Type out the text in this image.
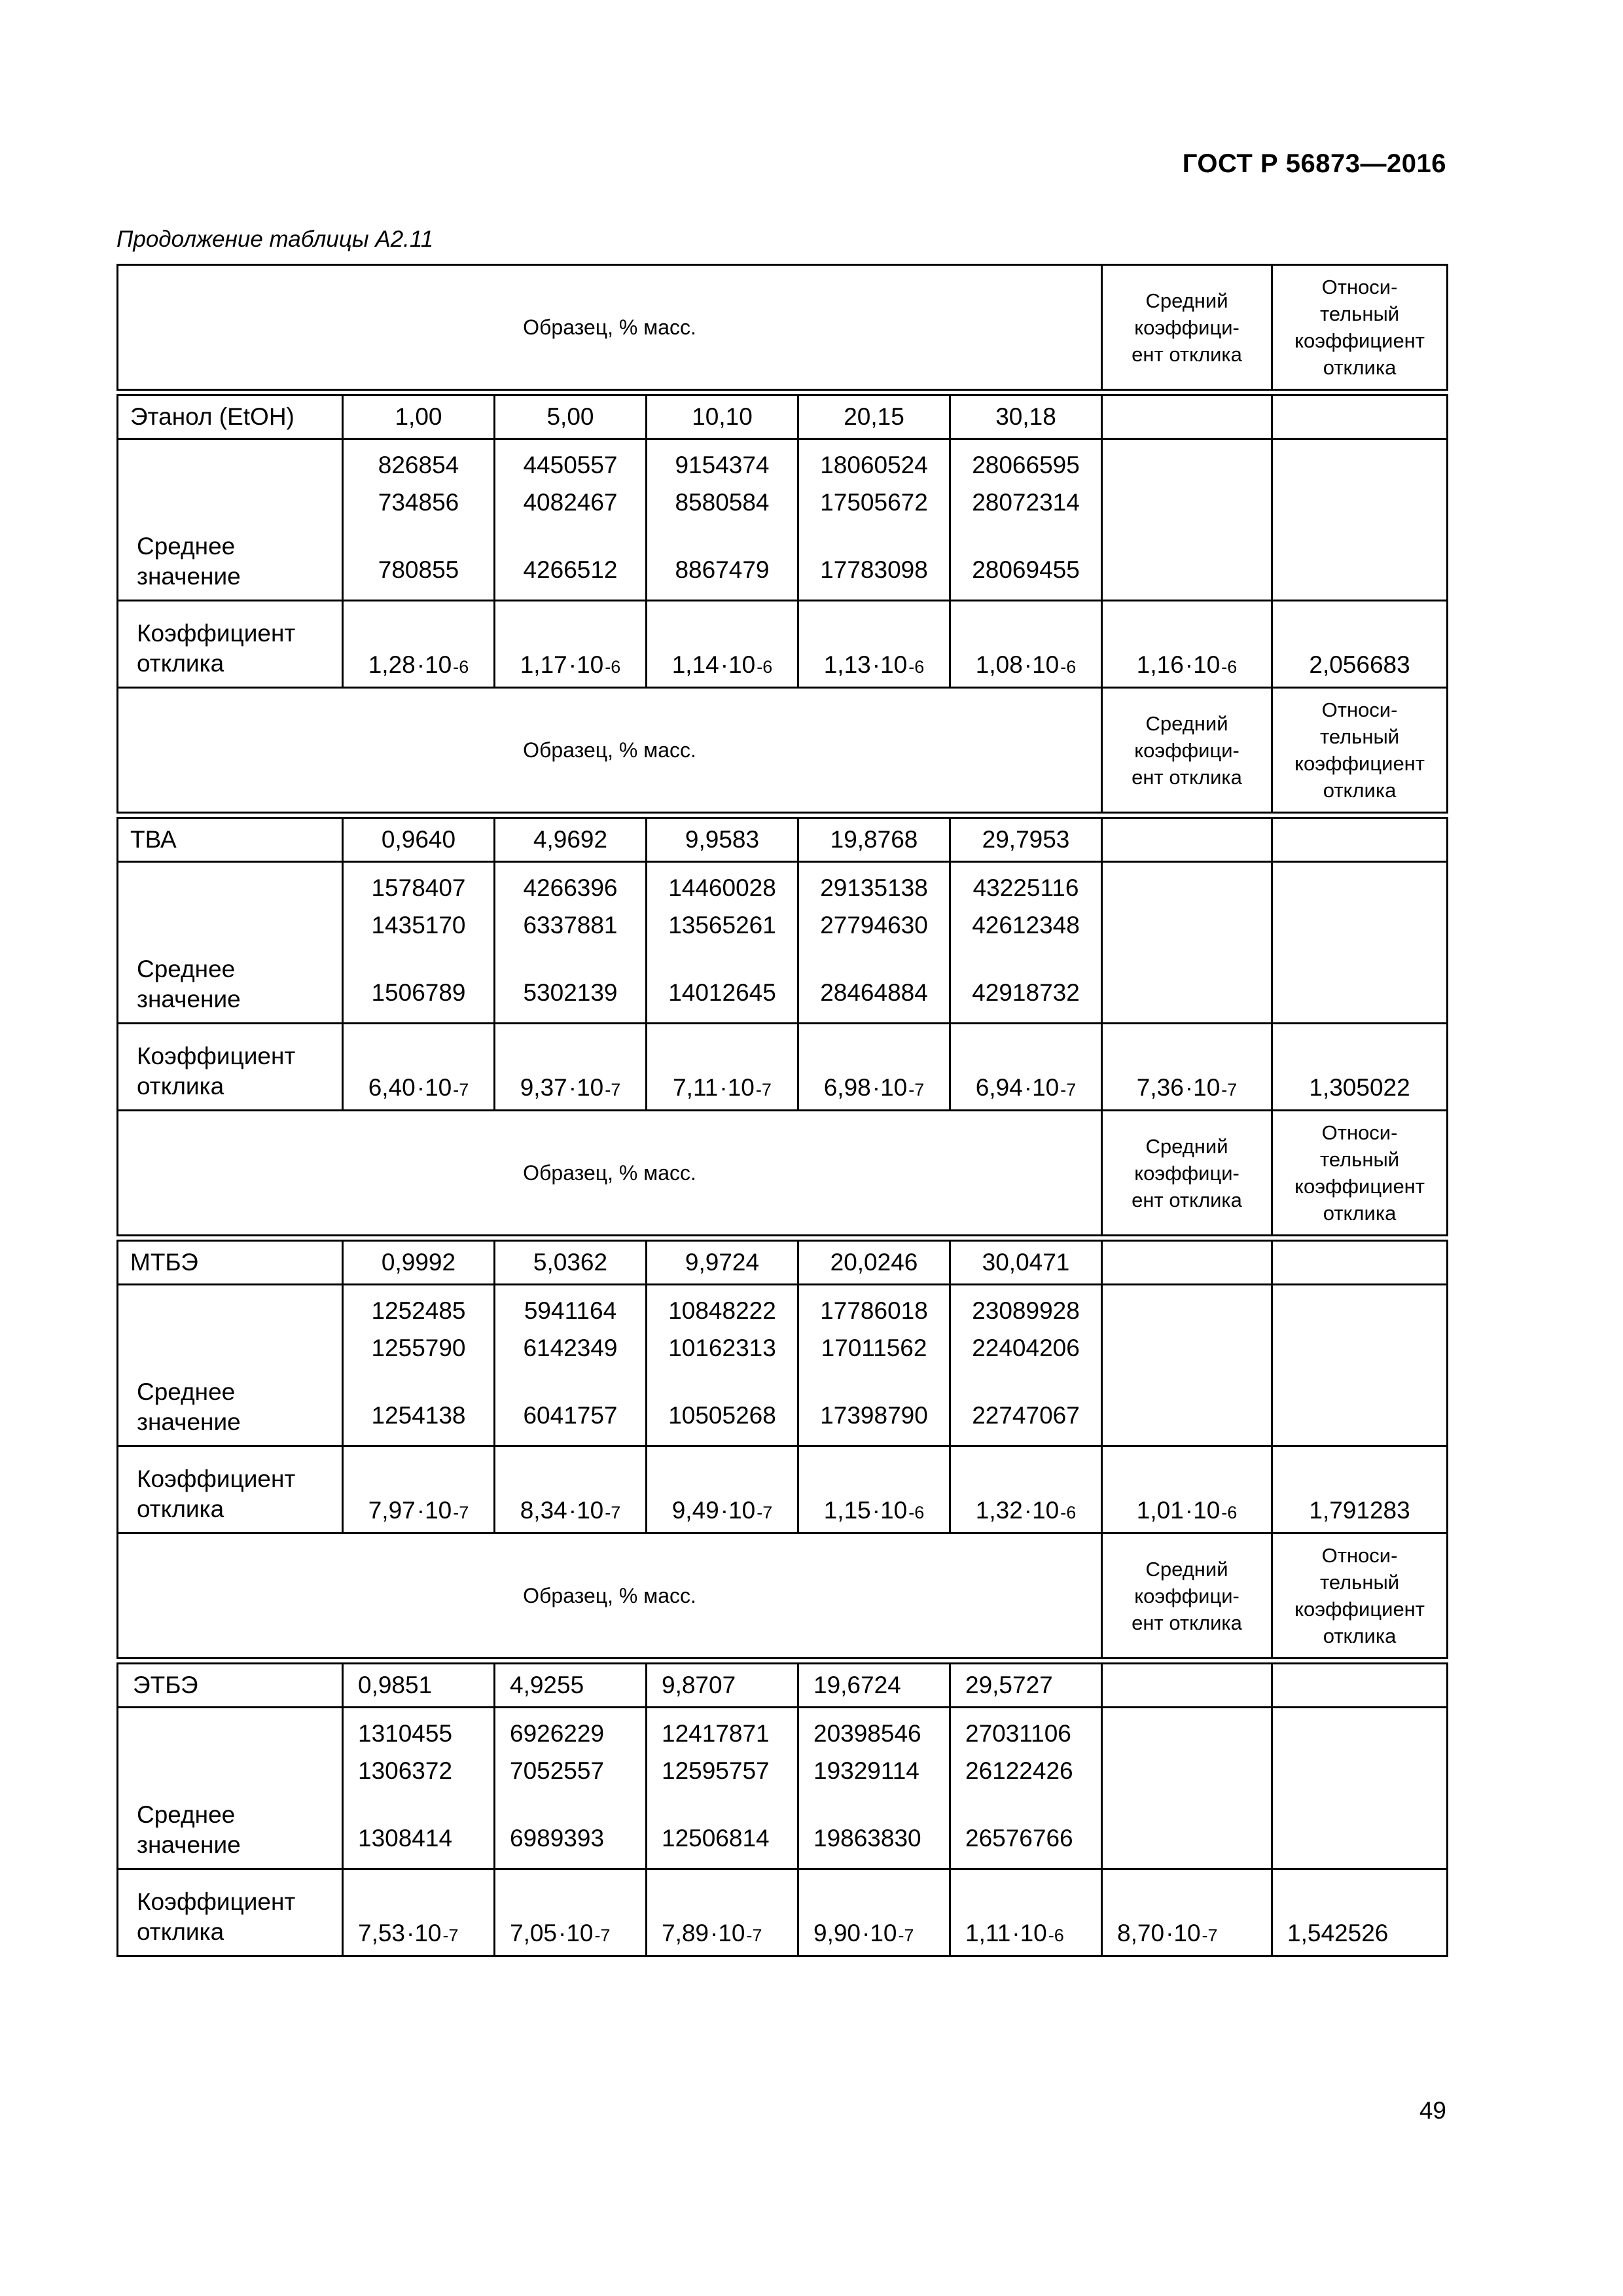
ГОСТ Р 56873—2016
Продолжение таблицы А2.11
Образец, % масс.						Средний
коэффици-
ент отклика	Относи-
тельный
коэффициент
отклика

Этанол (EtOH)	1,00	5,00	10,10	20,15	30,18		

Среднее
значение	826854
734856
780855	4450557
4082467
4266512	9154374
8580584
8867479	18060524
17505672
17783098	28066595
28072314
28069455		

Коэффициент
отклика	1,28 ·10 -6	1,17 ·10 -6	1,14 ·10 -6	1,13 ·10 -6	1,08 ·10 -6	1,16 ·10 -6	2,056683
Образец, % масс.						Средний
коэффици-
ент отклика	Относи-
тельный
коэффициент
отклика

ТВА	0,9640	4,9692	9,9583	19,8768	29,7953		

Среднее
значение	1578407
1435170
1506789	4266396
6337881
5302139	14460028
13565261
14012645	29135138
27794630
28464884	43225116
42612348
42918732		

Коэффициент
отклика	6,40 ·10 -7	9,37 ·10 -7	7,11 ·10 -7	6,98 ·10 -7	6,94 ·10 -7	7,36 ·10 -7	1,305022
Образец, % масс.						Средний
коэффици-
ент отклика	Относи-
тельный
коэффициент
отклика

МТБЭ	0,9992	5,0362	9,9724	20,0246	30,0471		

Среднее
значение	1252485
1255790
1254138	5941164
6142349
6041757	10848222
10162313
10505268	17786018
17011562
17398790	23089928
22404206
22747067		

Коэффициент
отклика	7,97 ·10 -7	8,34 ·10 -7	9,49 ·10 -7	1,15 ·10 -6	1,32 ·10 -6	1,01 ·10 -6	1,791283
Образец, % масс.						Средний
коэффици-
ент отклика	Относи-
тельный
коэффициент
отклика

ЭТБЭ	0,9851	4,9255	9,8707	19,6724	29,5727		

Среднее
значение	1310455
1306372
1308414	6926229
7052557
6989393	12417871
12595757
12506814	20398546
19329114
19863830	27031106
26122426
26576766		

Коэффициент
отклика	7,53 ·10 -7	7,05 ·10 -7	7,89 ·10 -7	9,90 ·10 -7	1,11 ·10 -6	8,70 ·10 -7	1,542526
49
